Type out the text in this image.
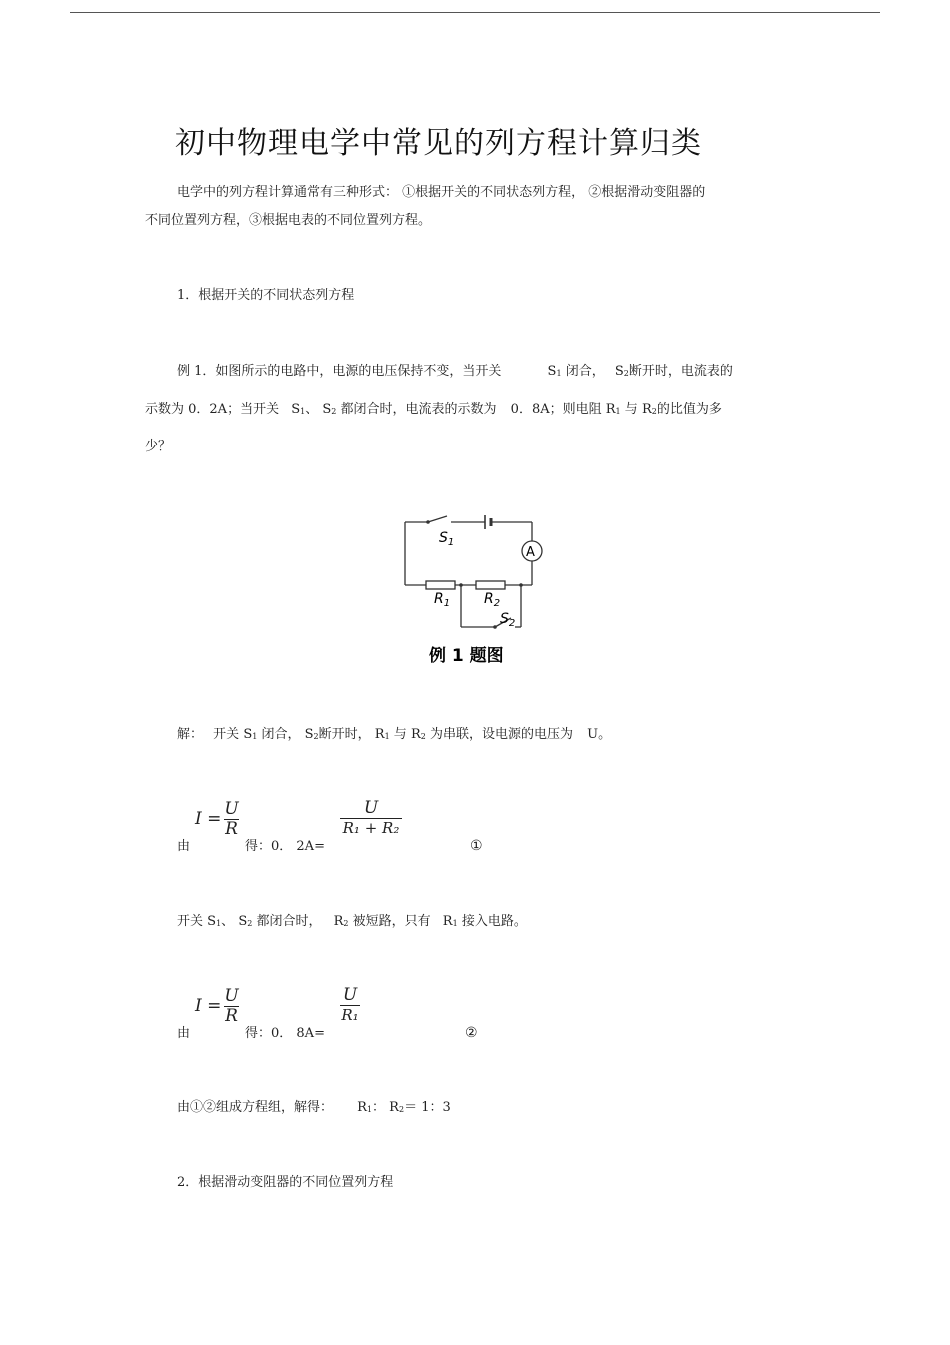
初中物理电学中常见的列方程计算归类
电学中的列方程计算通常有三种形式： ①根据开关的不同状态列方程， ②根据滑动变阻器的
不同位置列方程，③根据电表的不同位置列方程。
1．根据开关的不同状态列方程
例 1．如图所示的电路中，电源的电压保持不变，当开关	$S_1$ 闭合， $S_2$断开时，电流表的
示数为 0．2A；当开关 $S_1$、 $S_2$ 都闭合时，电流表的示数为 0．8A；则电阻 $R_1$ 与 $R_2$的比值为多
少？
A
$S_1$
$R_1$ $R_2$
$S_2$
例 1 题图
解： 开关 $S_1$ 闭合， $S_2$断开时， $R_1$ 与 $R_2$ 为串联，设电源的电压为 U。
由
I = U
R
得：0． 2A=
U
R₁ + R₂
①
开关 $S_1$、 $S_2$ 都闭合时， $R_2$ 被短路，只有 $R_1$ 接入电路。
由
I = U
R
得：0． 8A=
U
R₁
②
由①②组成方程组，解得： $R_1$： $R_2= 1$：3
2．根据滑动变阻器的不同位置列方程
